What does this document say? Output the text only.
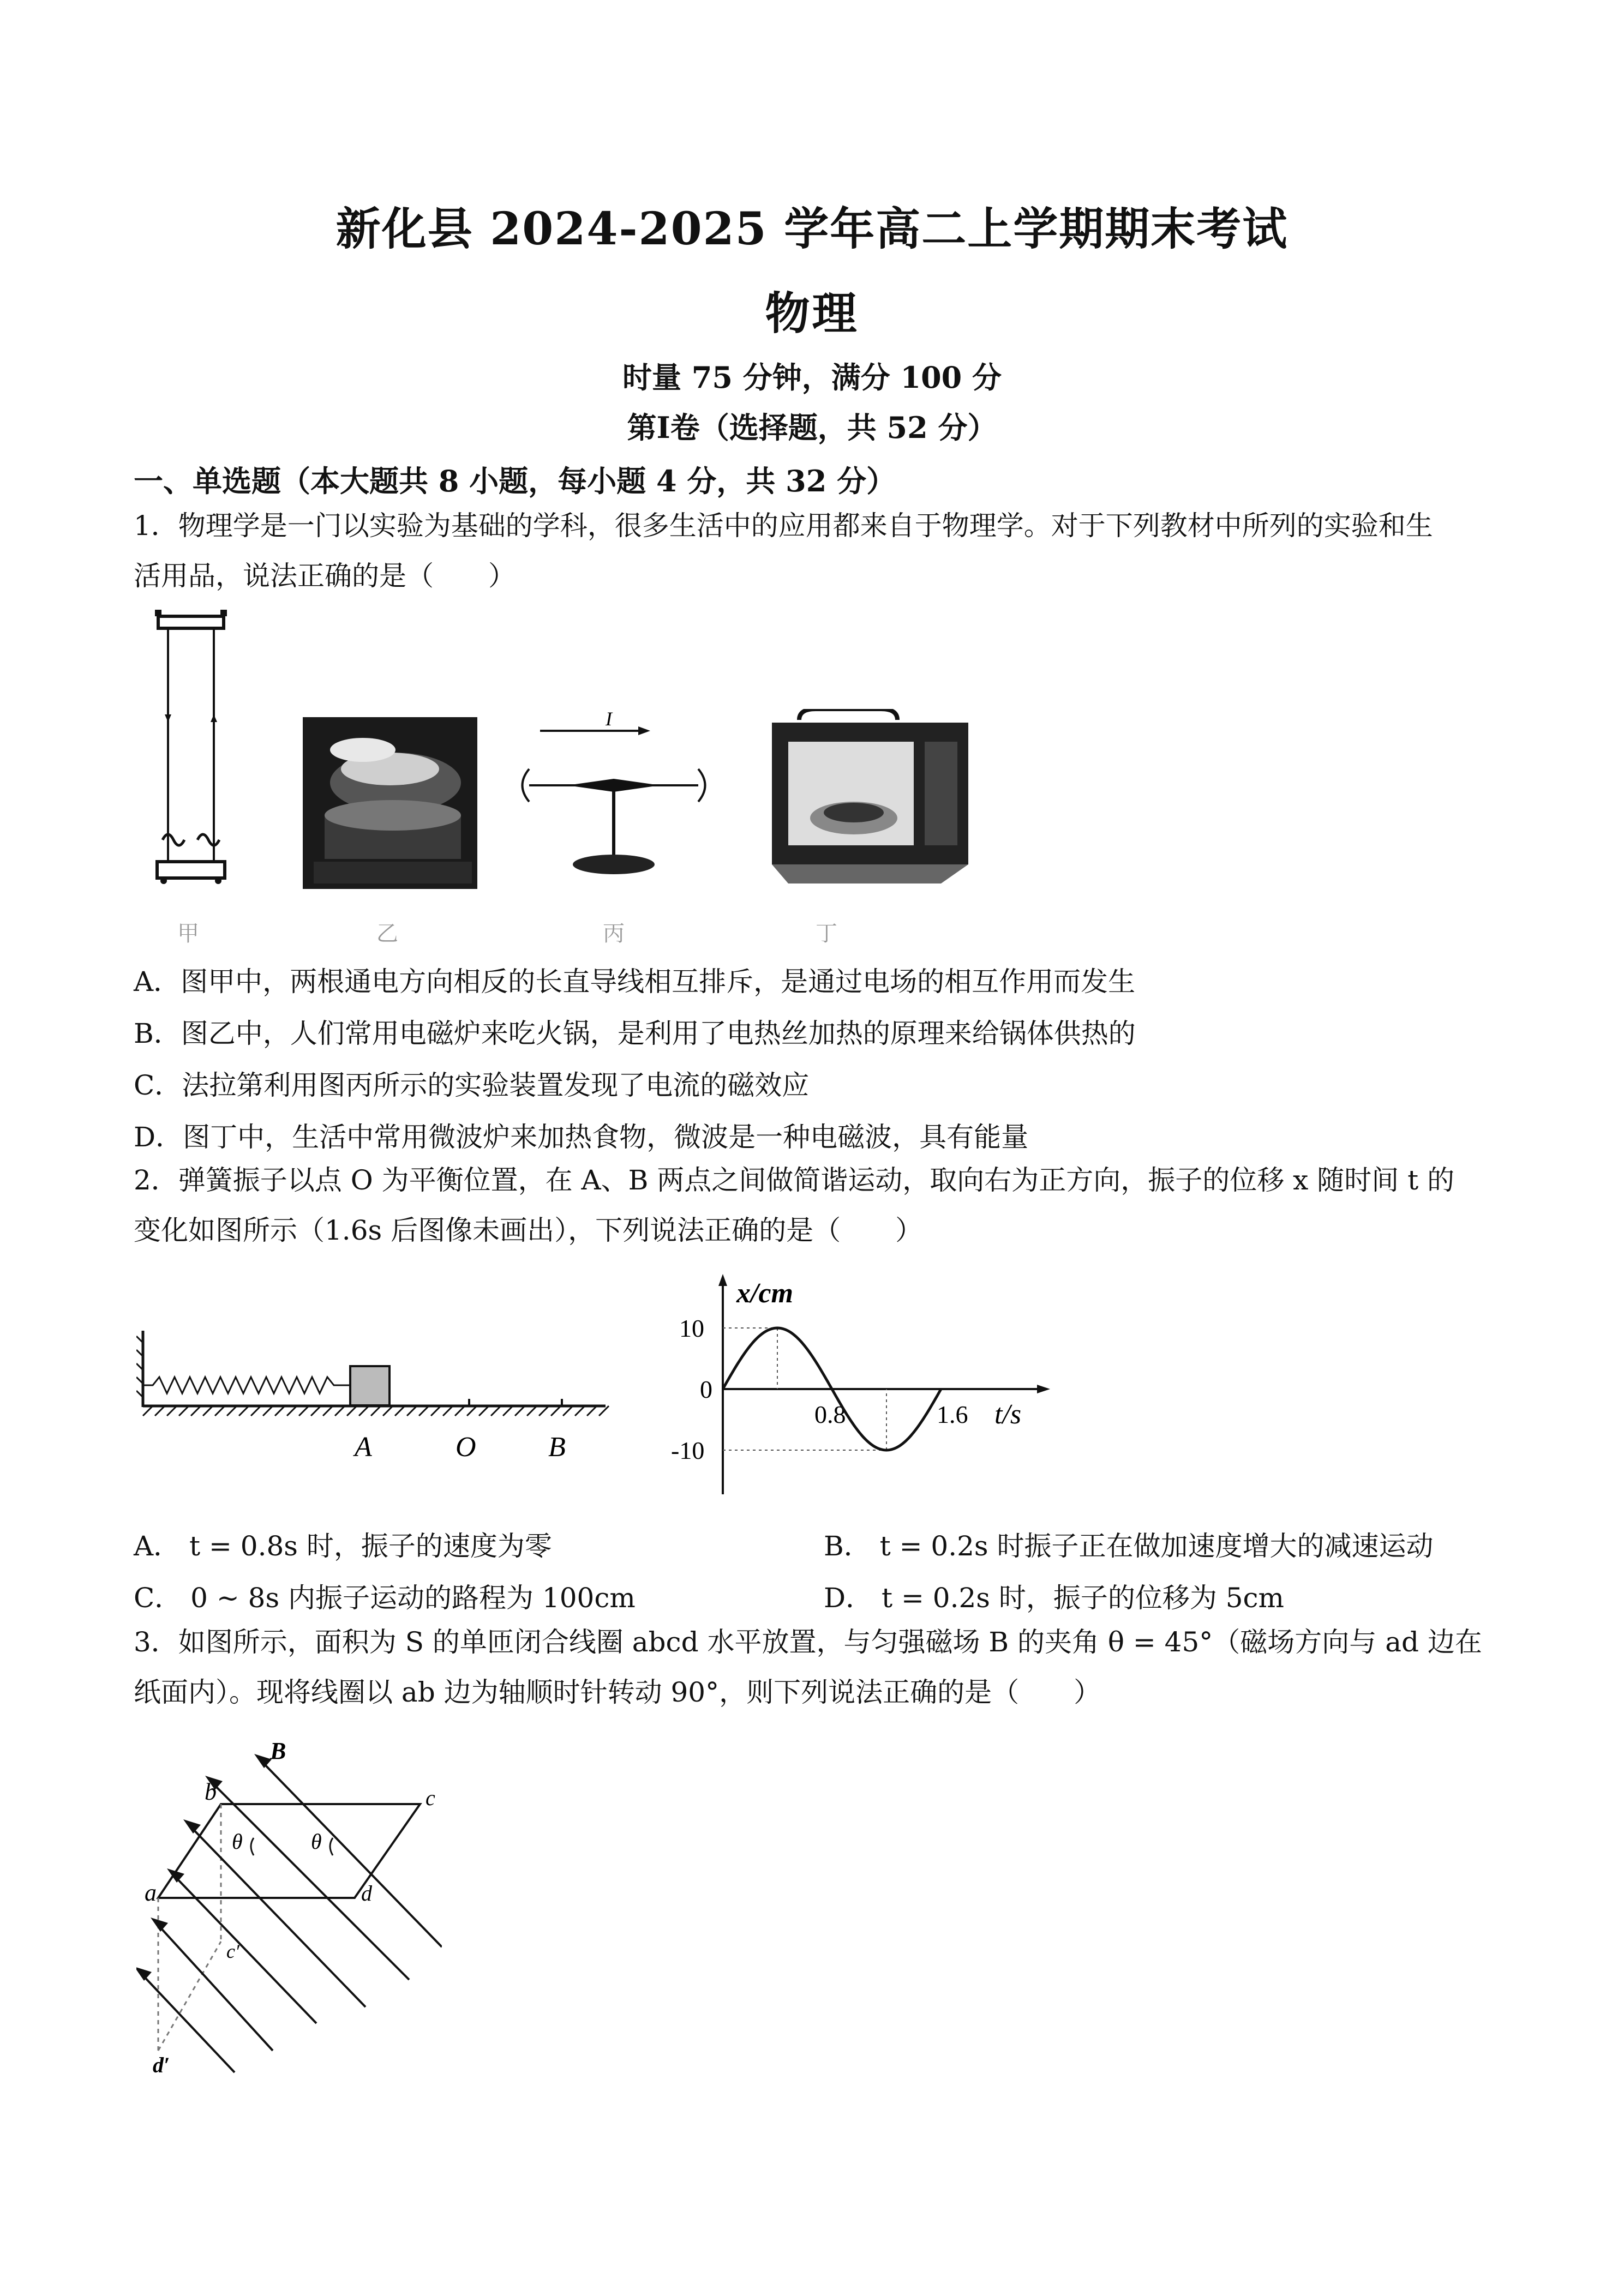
新化县 2024-2025 学年高二上学期期末考试
物理
时量 75 分钟，满分 100 分
第Ⅰ卷（选择题，共 52 分）
一、单选题（本大题共 8 小题，每小题 4 分，共 32 分）
1．物理学是一门以实验为基础的学科，很多生活中的应用都来自于物理学。对于下列教材中所列的实验和生
活用品，说法正确的是（　　）
甲	乙
I
丙	丁
A．图甲中，两根通电方向相反的长直导线相互排斥，是通过电场的相互作用而发生
B．图乙中，人们常用电磁炉来吃火锅，是利用了电热丝加热的原理来给锅体供热的
C．法拉第利用图丙所示的实验装置发现了电流的磁效应
D．图丁中，生活中常用微波炉来加热食物，微波是一种电磁波，具有能量
2．弹簧振子以点 O 为平衡位置，在 A、B 两点之间做简谐运动，取向右为正方向，振子的位移 x 随时间 t 的
变化如图所示（1.6s 后图像未画出），下列说法正确的是（　　）
A	O	B
x/cm
t/s
10
0
-10
0.8	1.6
A． t = 0.8s 时，振子的速度为零	B． t = 0.2s 时振子正在做加速度增大的减速运动
C． 0 ~ 8s 内振子运动的路程为 100cm	D． t = 0.2s 时，振子的位移为 5cm
3．如图所示，面积为 S 的单匝闭合线圈 abcd 水平放置，与匀强磁场 B 的夹角 θ = 45°（磁场方向与 ad 边在
纸面内）。现将线圈以 ab 边为轴顺时针转动 90°，则下列说法正确的是（　　）
B
b	c
a	d
θ	θ
c′
d′
